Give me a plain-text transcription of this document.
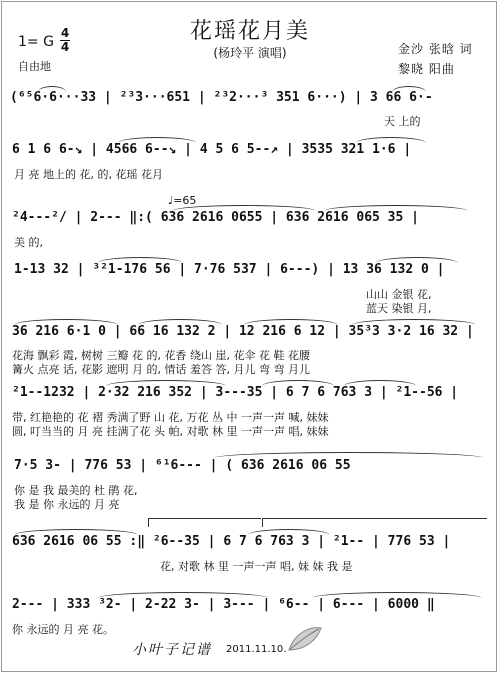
花瑶花月美
(杨玲平 演唱)
1= G
4
4
自由地
金沙 张晗 词
黎晓 阳曲
(⁶⁵6·6···33 | ²³3···651 | ²³2···³ 351 6···) | 3 66 6·-
天 上的
6 1 6 6-↘ | 4566 6--↘ | 4 5 6 5--↗ | 3535 321 1·6 |
月 亮 地上的 花, 的, 花瑶 花月
♩=65
²4---²/ | 2--- ‖:( 636 2616 0655 | 636 2616 065 35 |
美 的,
1-13 32 | ³²1-176 56 | 7·76 537 | 6---) | 13 36 132 0 |
山山 金银 花,
蓝天 染银 月,
36 216 6·1 0 | 66 16 132 2 | 12 216 6 12 | 35³3 3·2 16 32 |
花海 飘彩 霞, 树树 三瓣 花 的, 花香 绕山 崖, 花伞 花 鞋 花腰
篝火 点亮 话, 花影 遮明 月 的, 情话 羞答 答, 月儿 弯 弯 月儿
²1--1232 | 2·32 216 352 | 3---35 | 6 7 6 763 3 | ²1--56 |
带, 红艳艳的 花 褶 秀满了野 山 花, 万花 丛 中 一声一声 喊, 妹妹
圆, 叮当当的 月 亮 挂满了花 头 帕, 对歌 林 里 一声一声 唱, 妹妹
7·5 3- | 776 53 | ⁶¹6--- | ( 636 2616 06 55
你 是 我 最美的 杜 鹃 花,
我 是 你 永远的 月 亮
636 2616 06 55 :‖ ²6--35 | 6 7 6 763 3 | ²1-- | 776 53 |
花, 对歌 林 里 一声一声 唱, 妹 妹 我 是
2--- | 333 ³2- | 2-22 3- | 3--- | ⁶6-- | 6--- | 6000 ‖
你 永远的 月 亮 花。
小叶子记谱 2011.11.10.
